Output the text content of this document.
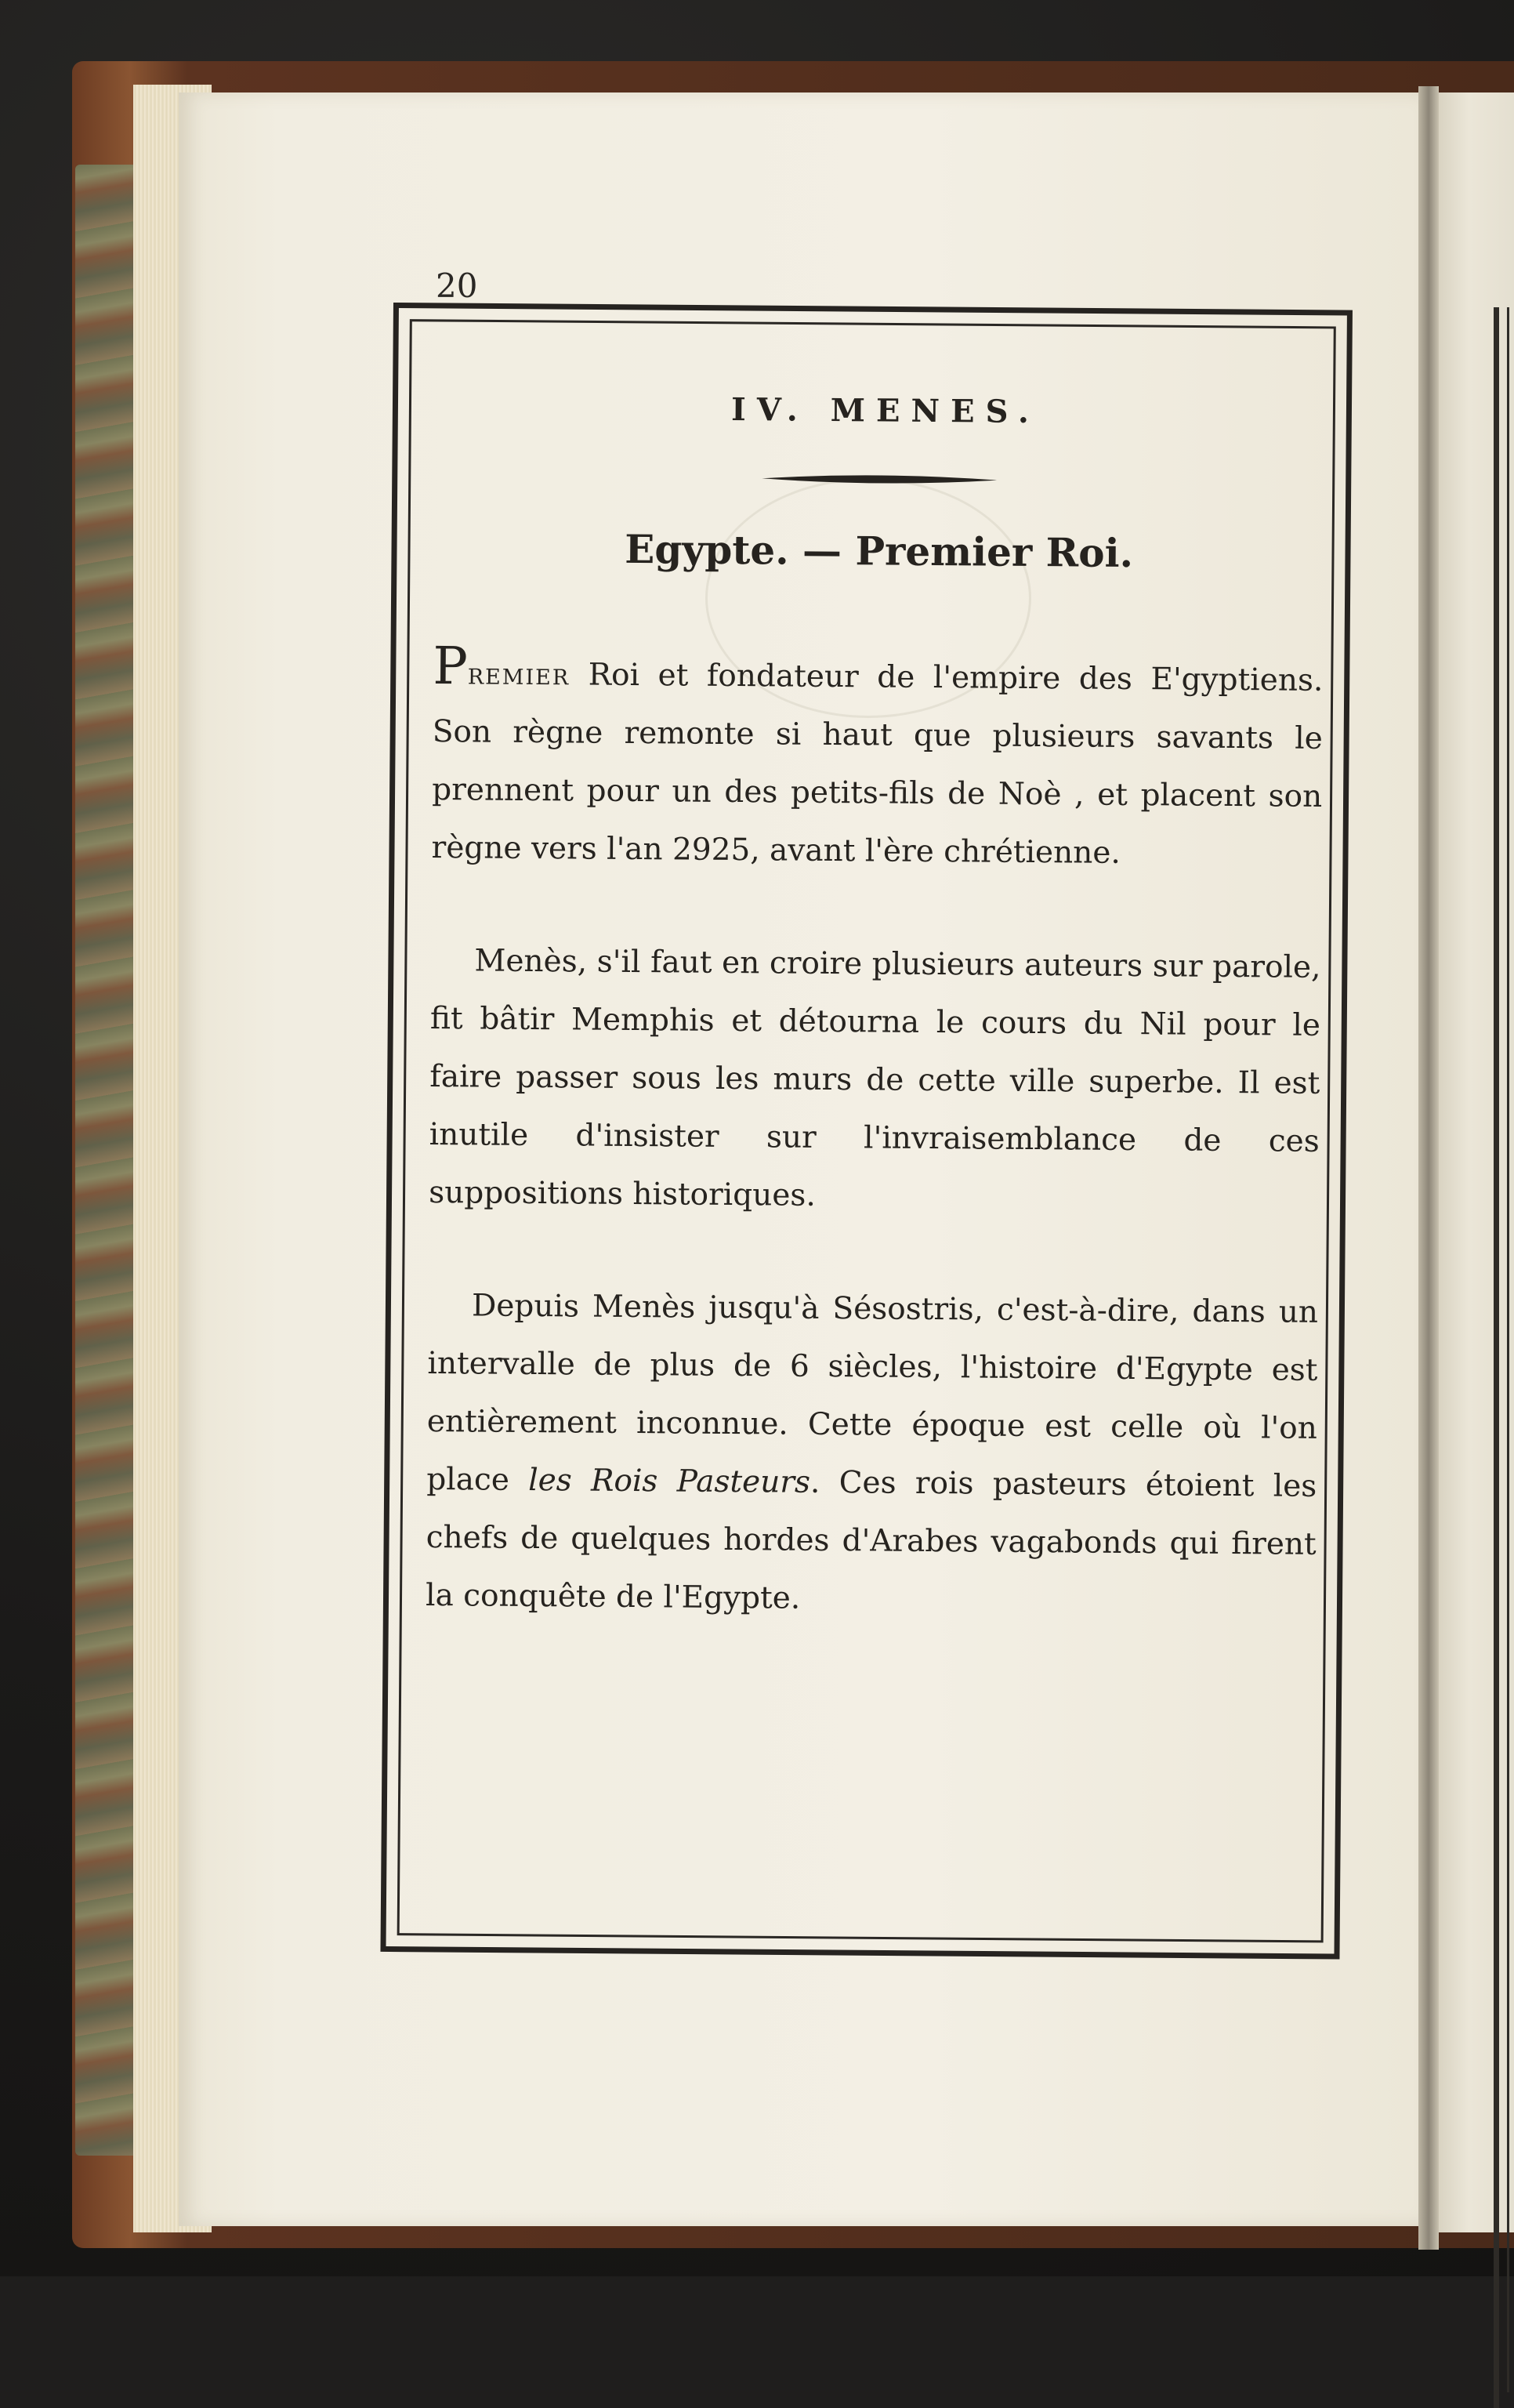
20

IV. MENES.
Egypte. — Premier Roi.

Premier Roi et fondateur de l'empire des E'gyptiens. Son règne remonte si haut que plusieurs savants le prennent pour un des petits-fils de Noè , et placent son règne vers l'an 2925, avant l'ère chrétienne.

Menès, s'il faut en croire plusieurs auteurs sur parole, fit bâtir Memphis et détourna le cours du Nil pour le faire passer sous les murs de cette ville superbe. Il est inutile d'insister sur l'invraisemblance de ces suppositions historiques.

Depuis Menès jusqu'à Sésostris, c'est-à-dire, dans un intervalle de plus de 6 siècles, l'histoire d'Egypte est entièrement inconnue. Cette époque est celle où l'on place les Rois Pasteurs. Ces rois pasteurs étoient les chefs de quelques hordes d'Arabes vagabonds qui firent la conquête de l'Egypte.
